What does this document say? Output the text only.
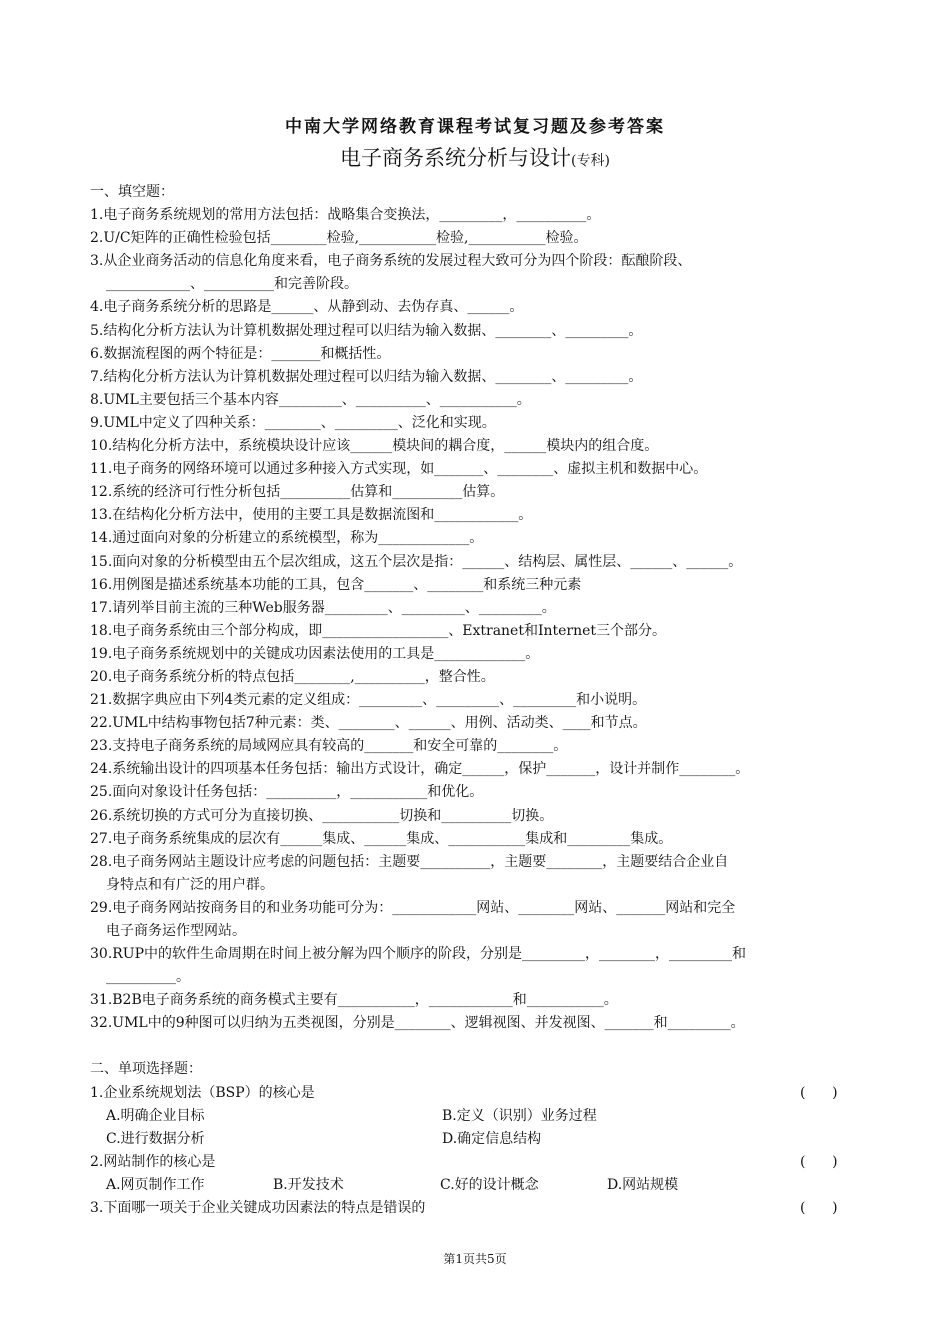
中南大学网络教育课程考试复习题及参考答案
电子商务系统分析与设计(专科)
一、填空题：
1.电子商务系统规划的常用方法包括：战略集合变换法，_________，__________。
2.U/C矩阵的正确性检验包括________检验,___________检验,___________检验。
3.从企业商务活动的信息化角度来看，电子商务系统的发展过程大致可分为四个阶段：酝酿阶段、
____________、__________和完善阶段。
4.电子商务系统分析的思路是______、从静到动、去伪存真、______。
5.结构化分析方法认为计算机数据处理过程可以归结为输入数据、________、_________。
6.数据流程图的两个特征是：_______和概括性。
7.结构化分析方法认为计算机数据处理过程可以归结为输入数据、________、_________。
8.UML主要包括三个基本内容_________、__________、___________。
9.UML中定义了四种关系：________、_________、泛化和实现。
10.结构化分析方法中，系统模块设计应该______模块间的耦合度，______模块内的组合度。
11.电子商务的网络环境可以通过多种接入方式实现，如_______、________、虚拟主机和数据中心。
12.系统的经济可行性分析包括__________估算和__________估算。
13.在结构化分析方法中，使用的主要工具是数据流图和____________。
14.通过面向对象的分析建立的系统模型，称为_____________。
15.面向对象的分析模型由五个层次组成，这五个层次是指：______、结构层、属性层、______、______。
16.用例图是描述系统基本功能的工具，包含_______、________和系统三种元素
17.请列举目前主流的三种Web服务器_________、_________、_________。
18.电子商务系统由三个部分构成，即__________________、Extranet和Internet三个部分。
19.电子商务系统规划中的关键成功因素法使用的工具是_____________。
20.电子商务系统分析的特点包括________,__________，整合性。
21.数据字典应由下列4类元素的定义组成：_________、_________、_________和小说明。
22.UML中结构事物包括7种元素：类、________、______、用例、活动类、____和节点。
23.支持电子商务系统的局域网应具有较高的_______和安全可靠的________。
24.系统输出设计的四项基本任务包括：输出方式设计，确定______，保护_______，设计并制作________。
25.面向对象设计任务包括：__________，___________和优化。
26.系统切换的方式可分为直接切换、___________切换和__________切换。
27.电子商务系统集成的层次有______集成、______集成、___________集成和_________集成。
28.电子商务网站主题设计应考虑的问题包括：主题要__________，主题要________，主题要结合企业自
身特点和有广泛的用户群。
29.电子商务网站按商务目的和业务功能可分为：____________网站、________网站、_______网站和完全
电子商务运作型网站。
30.RUP中的软件生命周期在时间上被分解为四个顺序的阶段，分别是_________，________，_________和
__________。
31.B2B电子商务系统的商务模式主要有___________，____________和___________。
32.UML中的9种图可以归纳为五类视图，分别是________、逻辑视图、并发视图、_______和_________。
二、单项选择题：
1.企业系统规划法（BSP）的核心是	(      )
A.明确企业目标	B.定义（识别）业务过程
C.进行数据分析	D.确定信息结构
2.网站制作的核心是	(      )
A.网页制作工作	B.开发技术	C.好的设计概念	D.网站规模
3.下面哪一项关于企业关键成功因素法的特点是错误的	(      )
第1页共5页
